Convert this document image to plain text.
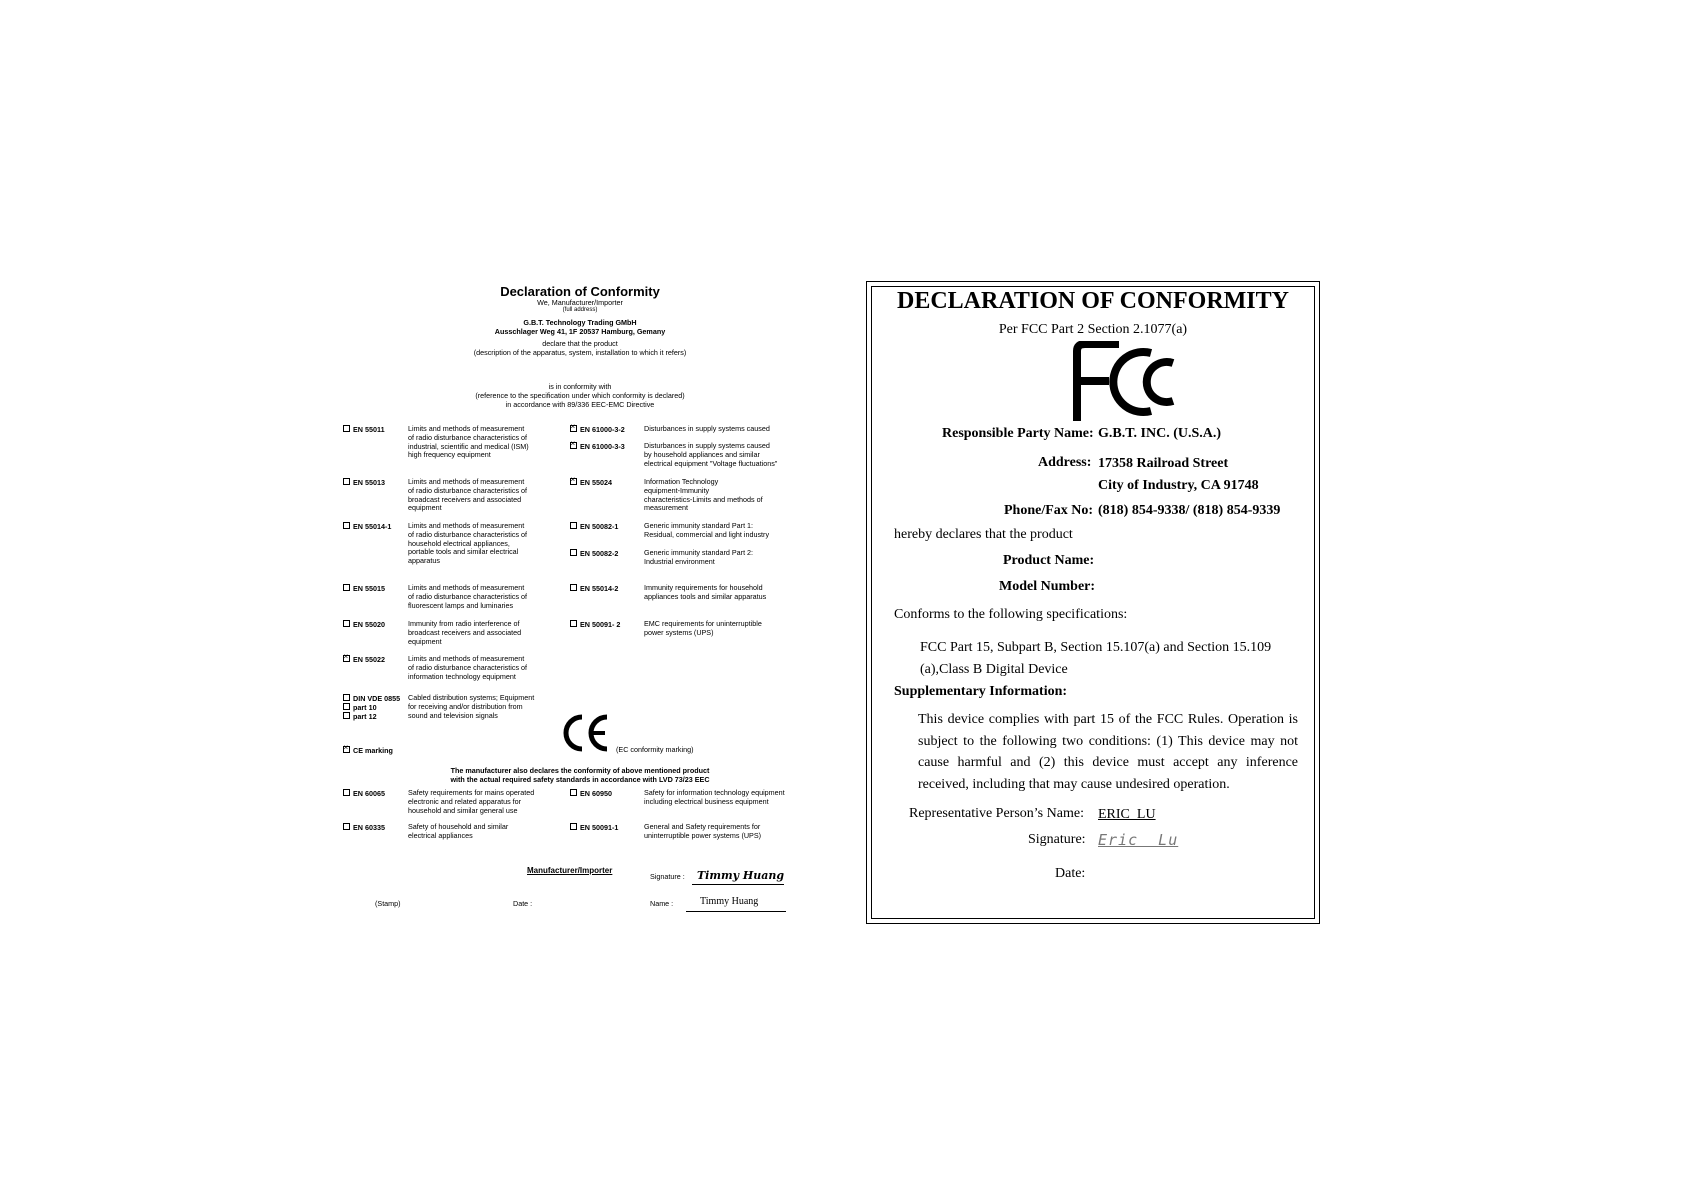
Declaration of Conformity
We, Manufacturer/Importer
(full address)
G.B.T. Technology Trading GMbH
Ausschlager Weg 41, 1F 20537 Hamburg, Gemany
declare that the product
(description of the apparatus, system, installation to which it refers)
is in conformity with
(reference to the specification under which conformity is declared)
in accordance with 89/336 EEC-EMC Directive
EN 55011	Limits and methods of measurement
of radio disturbance characteristics of
industrial, scientific and medical (ISM)
high frequency equipment
EN 55013	Limits and methods of measurement
of radio disturbance characteristics of
broadcast receivers and associated
equipment
EN 55014-1 Limits and methods of measurement
of radio disturbance characteristics of
household electrical appliances,
portable tools and similar electrical
apparatus
EN 55015	Limits and methods of measurement
of radio disturbance characteristics of
fluorescent lamps and luminaries
EN 55020	Immunity from radio interference of
broadcast receivers and associated
equipment
× EN 55022	Limits and methods of measurement
of radio disturbance characteristics of
information technology equipment
× EN 61000-3-2	Disturbances in supply systems caused
× EN 61000-3-3	Disturbances in supply systems caused
by household appliances and similar
electrical equipment "Voltage fluctuations"
× EN 55024	Information Technology
equipment-Immunity
characteristics-Limits and methods of
measurement
EN 50082-1	Generic immunity standard Part 1:
Residual, commercial and light industry
EN 50082-2	Generic immunity standard Part 2:
Industrial environment
EN 55014-2	Immunity requirements for household
appliances tools and similar apparatus
EN 50091- 2	EMC requirements for uninterruptible
power systems (UPS)
DIN VDE 0855
part 10
part 12
Cabled distribution systems; Equipment
for receiving and/or distribution from
sound and television signals
× CE marking	(EC conformity marking)
The manufacturer also declares the conformity of above mentioned product
with the actual required safety standards in accordance with LVD 73/23 EEC
EN 60065	Safety requirements for mains operated
electronic and related apparatus for
household and similar general use
EN 60335	Safety of household and similar
electrical appliances
EN 60950	Safety for information technology equipment
including electrical business equipment
EN 50091-1	General and Safety requirements for
uninterruptible power systems (UPS)
Manufacturer/Importer
Signature : Timmy Huang
(Stamp)	Date :	Name :	Timmy Huang
DECLARATION OF CONFORMITY
Per FCC Part 2 Section 2.1077(a)
Responsible Party Name: G.B.T. INC. (U.S.A.)
Address: 17358 Railroad Street
City of Industry, CA 91748
Phone/Fax No: (818) 854-9338/ (818) 854-9339
hereby declares that the product
Product Name:
Model Number:
Conforms to the following specifications:
FCC Part 15, Subpart B, Section 15.107(a) and Section 15.109 (a),Class B Digital Device
Supplementary Information:
This device complies with part 15 of the FCC Rules. Operation is subject to the following two conditions: (1) This device may not cause harmful and (2) this device must accept any inference received, including that may cause undesired operation.
Representative Person’s Name: ERIC  LU
Signature: Eric  Lu
Date:
